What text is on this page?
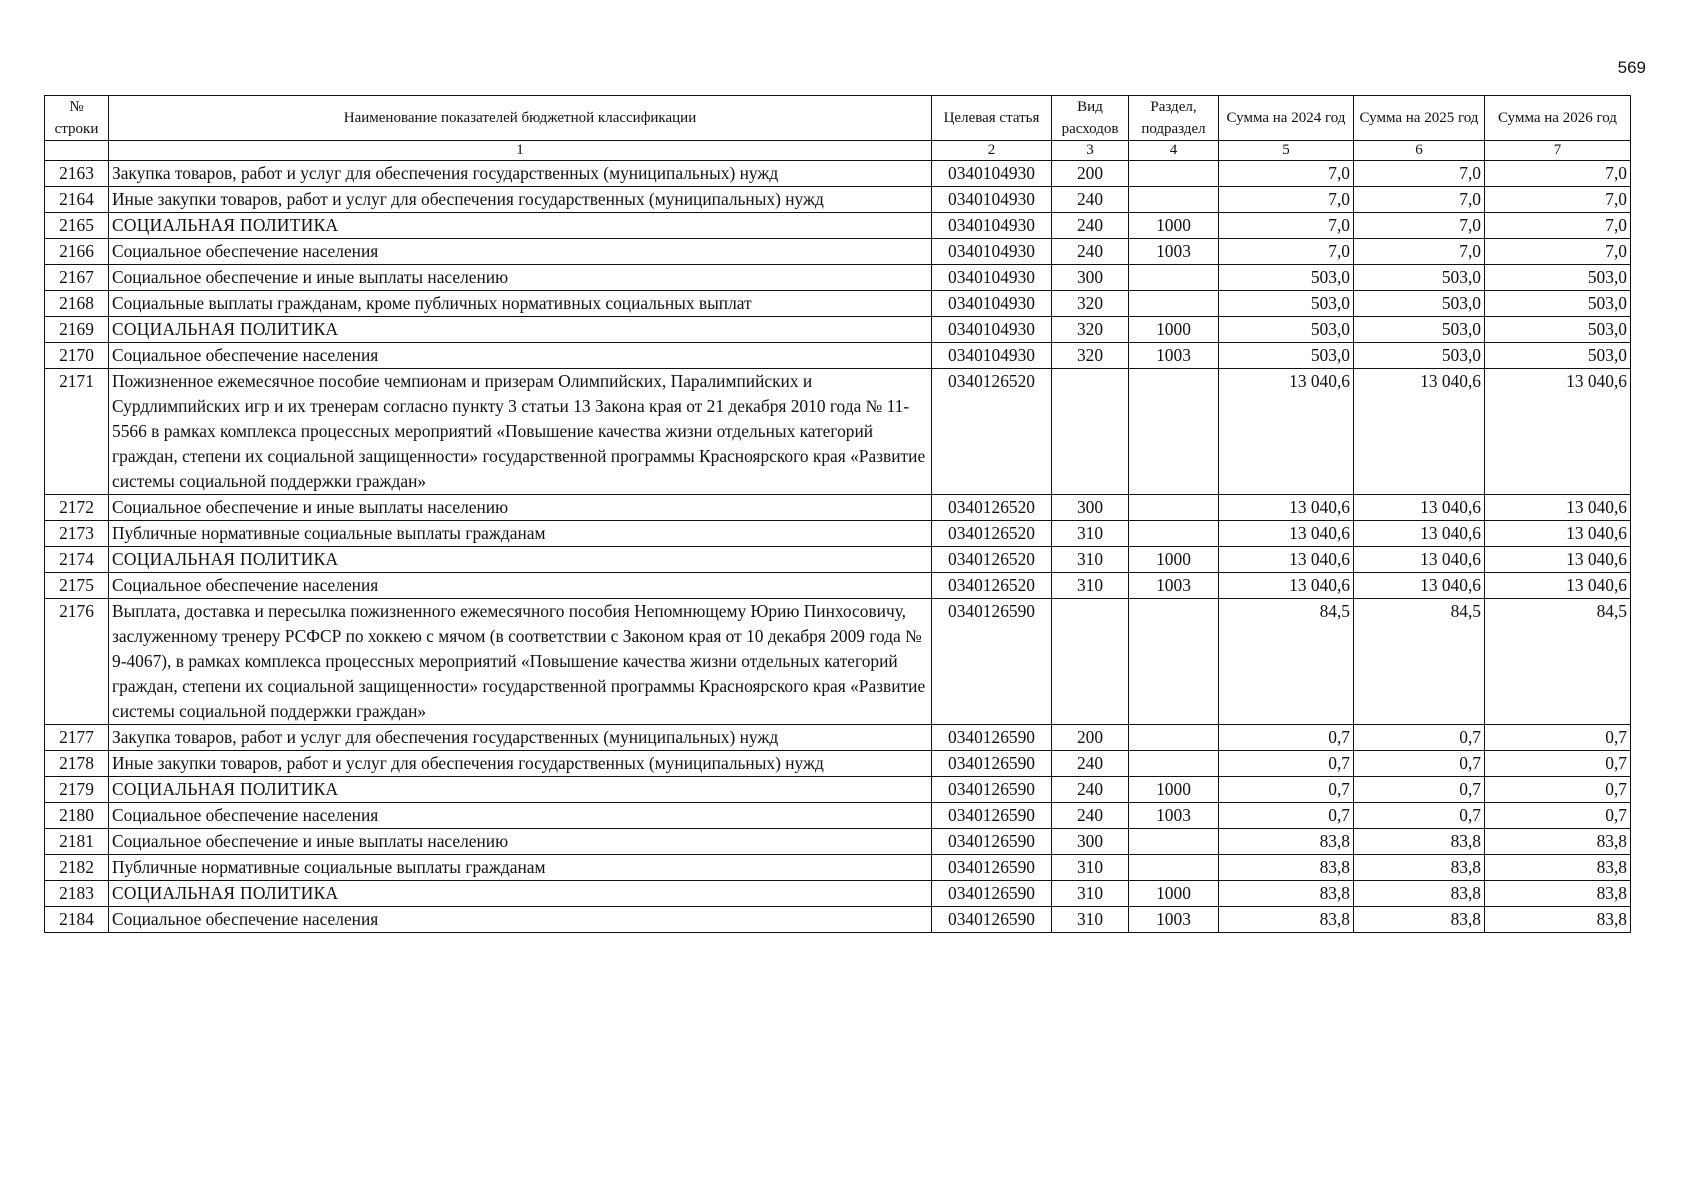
569
№ строки	Наименование показателей бюджетной классификации	Целевая статья	Вид расходов	Раздел, подраздел	Сумма на 2024 год	Сумма на 2025 год	Сумма на 2026 год
	1	2	3	4	5	6	7
2163	Закупка товаров, работ и услуг для обеспечения государственных (муниципальных) нужд	0340104930	200		7,0	7,0	7,0
2164	Иные закупки товаров, работ и услуг для обеспечения государственных (муниципальных) нужд	0340104930	240		7,0	7,0	7,0
2165	СОЦИАЛЬНАЯ ПОЛИТИКА	0340104930	240	1000	7,0	7,0	7,0
2166	Социальное обеспечение населения	0340104930	240	1003	7,0	7,0	7,0
2167	Социальное обеспечение и иные выплаты населению	0340104930	300		503,0	503,0	503,0
2168	Социальные выплаты гражданам, кроме публичных нормативных социальных выплат	0340104930	320		503,0	503,0	503,0
2169	СОЦИАЛЬНАЯ ПОЛИТИКА	0340104930	320	1000	503,0	503,0	503,0
2170	Социальное обеспечение населения	0340104930	320	1003	503,0	503,0	503,0
2171	Пожизненное ежемесячное пособие чемпионам и призерам Олимпийских, Паралимпийских и Сурдлимпийских игр и их тренерам согласно пункту 3 статьи 13 Закона края от 21 декабря 2010 года № 11-5566 в рамках комплекса процессных мероприятий «Повышение качества жизни отдельных категорий граждан, степени их социальной защищенности» государственной программы Красноярского края «Развитие системы социальной поддержки граждан»	0340126520			13 040,6	13 040,6	13 040,6
2172	Социальное обеспечение и иные выплаты населению	0340126520	300		13 040,6	13 040,6	13 040,6
2173	Публичные нормативные социальные выплаты гражданам	0340126520	310		13 040,6	13 040,6	13 040,6
2174	СОЦИАЛЬНАЯ ПОЛИТИКА	0340126520	310	1000	13 040,6	13 040,6	13 040,6
2175	Социальное обеспечение населения	0340126520	310	1003	13 040,6	13 040,6	13 040,6
2176	Выплата, доставка и пересылка пожизненного ежемесячного пособия Непомнющему Юрию Пинхосовичу, заслуженному тренеру РСФСР по хоккею с мячом (в соответствии с Законом края от 10 декабря 2009 года № 9-4067), в рамках комплекса процессных мероприятий «Повышение качества жизни отдельных категорий граждан, степени их социальной защищенности» государственной программы Красноярского края «Развитие системы социальной поддержки граждан»	0340126590			84,5	84,5	84,5
2177	Закупка товаров, работ и услуг для обеспечения государственных (муниципальных) нужд	0340126590	200		0,7	0,7	0,7
2178	Иные закупки товаров, работ и услуг для обеспечения государственных (муниципальных) нужд	0340126590	240		0,7	0,7	0,7
2179	СОЦИАЛЬНАЯ ПОЛИТИКА	0340126590	240	1000	0,7	0,7	0,7
2180	Социальное обеспечение населения	0340126590	240	1003	0,7	0,7	0,7
2181	Социальное обеспечение и иные выплаты населению	0340126590	300		83,8	83,8	83,8
2182	Публичные нормативные социальные выплаты гражданам	0340126590	310		83,8	83,8	83,8
2183	СОЦИАЛЬНАЯ ПОЛИТИКА	0340126590	310	1000	83,8	83,8	83,8
2184	Социальное обеспечение населения	0340126590	310	1003	83,8	83,8	83,8
